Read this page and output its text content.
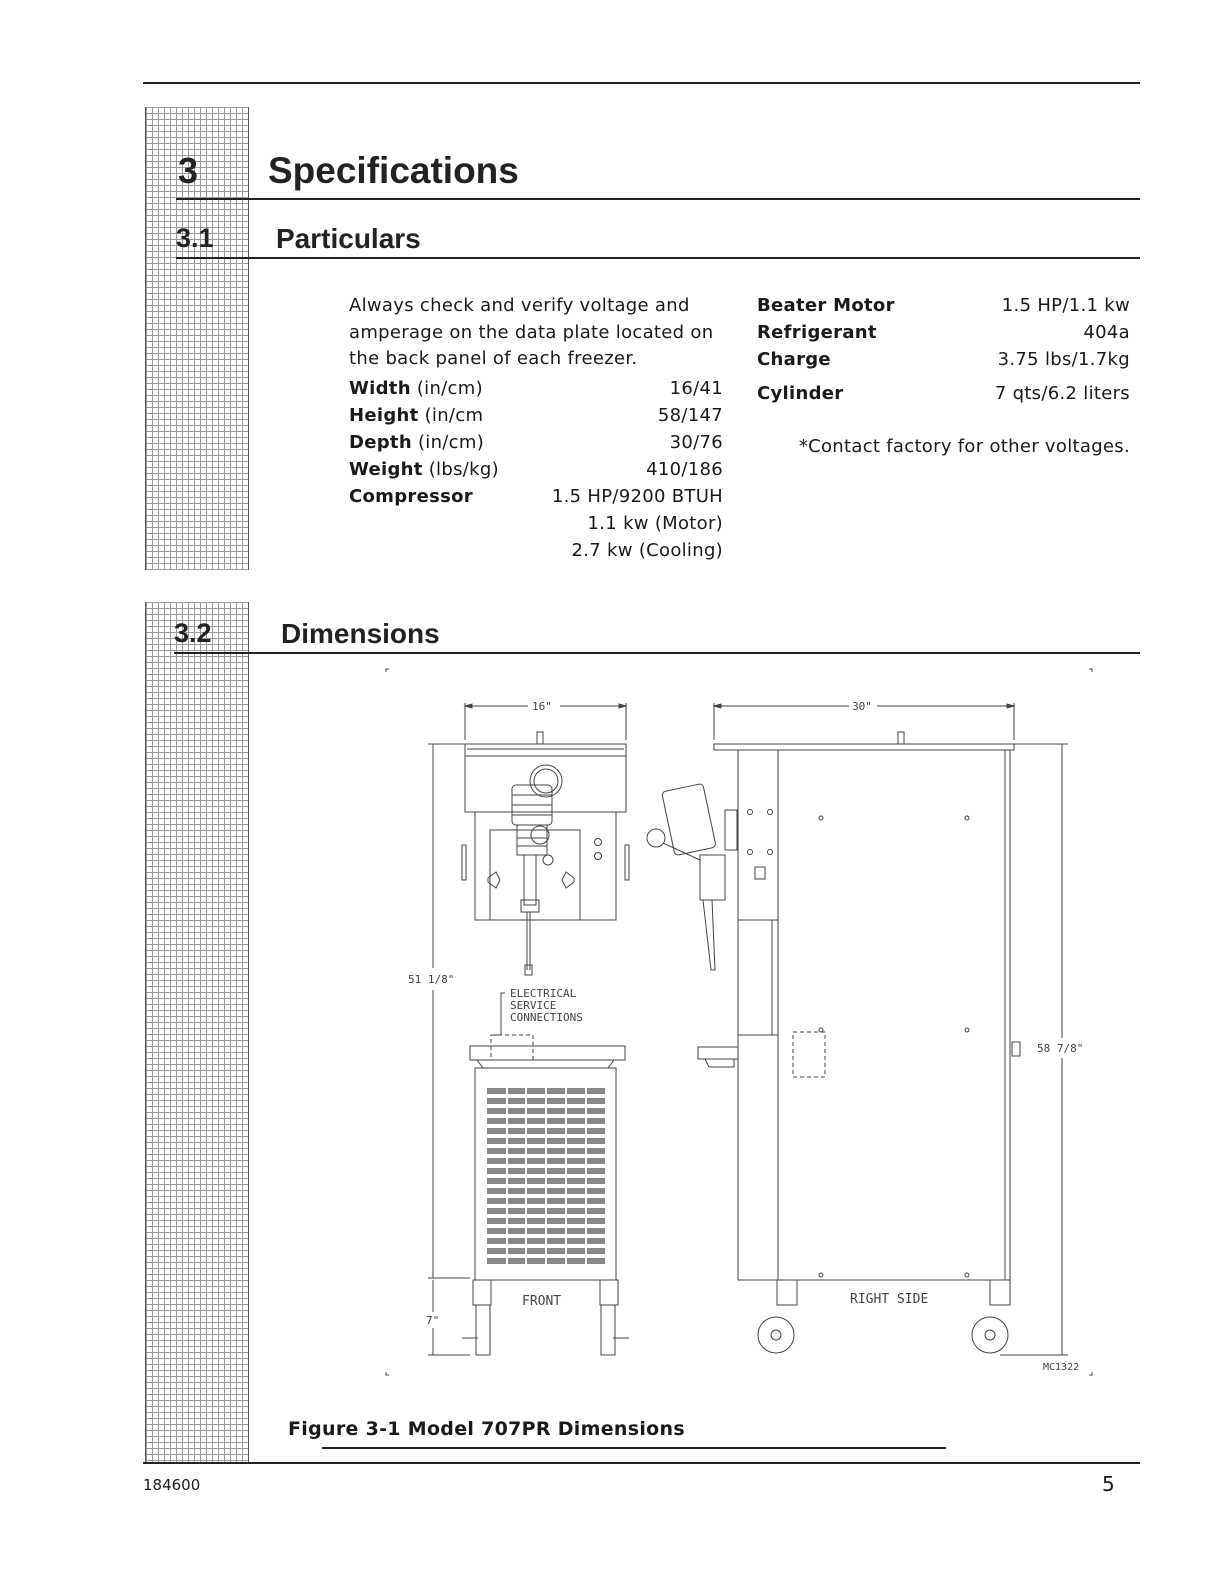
3 Specifications
3.1 Particulars
Always check and verify voltage and amperage on the data plate located on the back panel of each freezer.
Width (in/cm)	16/41
Height (in/cm	58/147
Depth (in/cm)	30/76
Weight (lbs/kg)	410/186
Compressor	1.5 HP/9200 BTUH
1.1 kw (Motor)
2.7 kw (Cooling)
Beater Motor	1.5 HP/1.1 kw
Refrigerant	404a
Charge	3.75 lbs/1.7kg
Cylinder	7 qts/6.2 liters
*Contact factory for other voltages.
3.2 Dimensions
16"	30"
51 1/8"
58 7/8"
7"
ELECTRICAL
SERVICE
CONNECTIONS
FRONT	RIGHT SIDE
MC1322
Figure 3-1 Model 707PR Dimensions
184600	5
